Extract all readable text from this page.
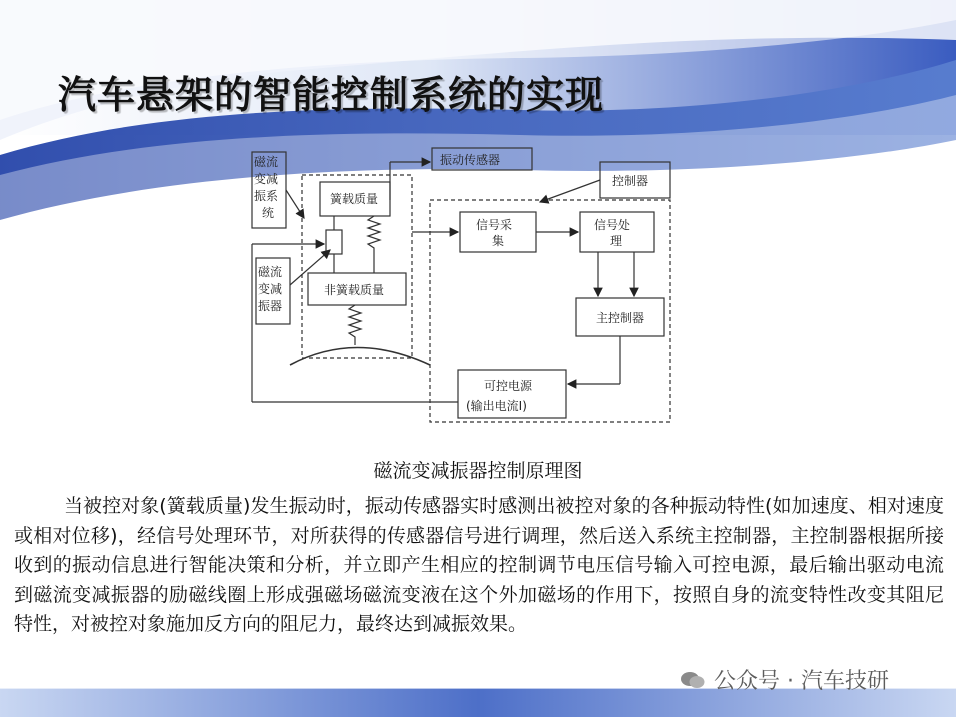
汽车悬架的智能控制系统的实现
磁流
变减
振系
统
磁流
变减
振器
簧载质量
非簧载质量
振动传感器
控制器
信号采
集
信号处
理
主控制器
可控电源
(输出电流I)
磁流变减振器控制原理图
当被控对象(簧载质量)发生振动时，振动传感器实时感测出被控对象的各种振动特性(如加速度、相对速度或相对位移)，经信号处理环节，对所获得的传感器信号进行调理，然后送入系统主控制器，主控制器根据所接收到的振动信息进行智能决策和分析，并立即产生相应的控制调节电压信号输入可控电源，最后输出驱动电流到磁流变减振器的励磁线圈上形成强磁场磁流变液在这个外加磁场的作用下，按照自身的流变特性改变其阻尼特性，对被控对象施加反方向的阻尼力，最终达到减振效果。
公众号 · 汽车技研
